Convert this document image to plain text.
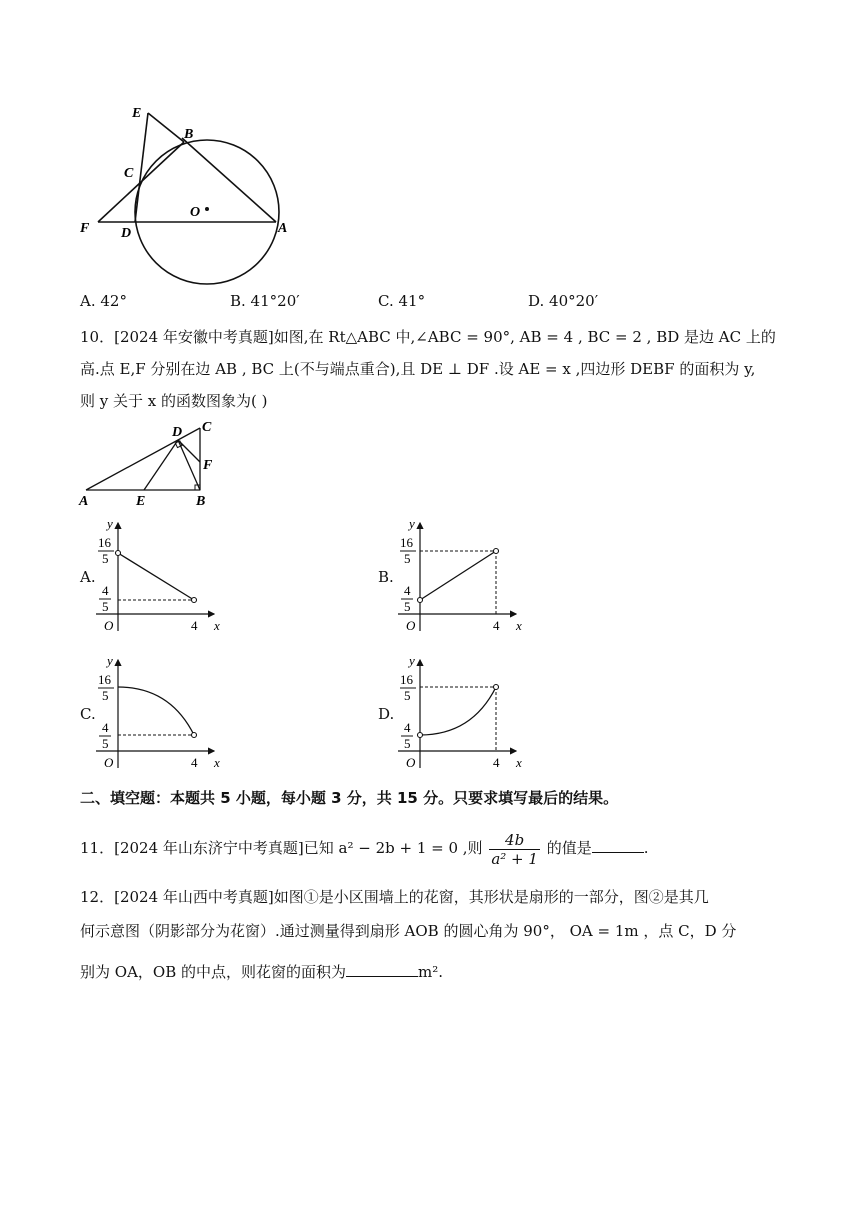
E
B
C
O
F D	A
A. 42°	B. 41°20′	C. 41°	D. 40°20′
10．[2024 年安徽中考真题]如图,在 Rt△ABC 中,∠ABC = 90°, AB = 4 , BC = 2 , BD 是边 AC 上的
高.点 E,F 分别在边 AB , BC 上(不与端点重合),且 DE ⊥ DF .设 AE = x ,四边形 DEBF 的面积为 y,
则 y 关于 x 的函数图象为( )
A	E	B
D C
F
A.	B.
C.	D.
y
x
O	4
16
5
4
5
y
x
O	4
16
5
4
5
y
x
O	4
16
5
4
5
y
x
O	4
16
5
4
5
二、填空题：本题共 5 小题，每小题 3 分，共 15 分。只要求填写最后的结果。
11．[2024 年山东济宁中考真题]已知 a² − 2b + 1 = 0 ,则 $\frac{4b}{\text{a² + 1}}$ 的值是	.
12．[2024 年山西中考真题]如图①是小区围墙上的花窗，其形状是扇形的一部分，图②是其几
何示意图（阴影部分为花窗）.通过测量得到扇形 AOB 的圆心角为 90°， OA = 1m ，点 C，D 分
别为 OA，OB 的中点，则花窗的面积为	m².
